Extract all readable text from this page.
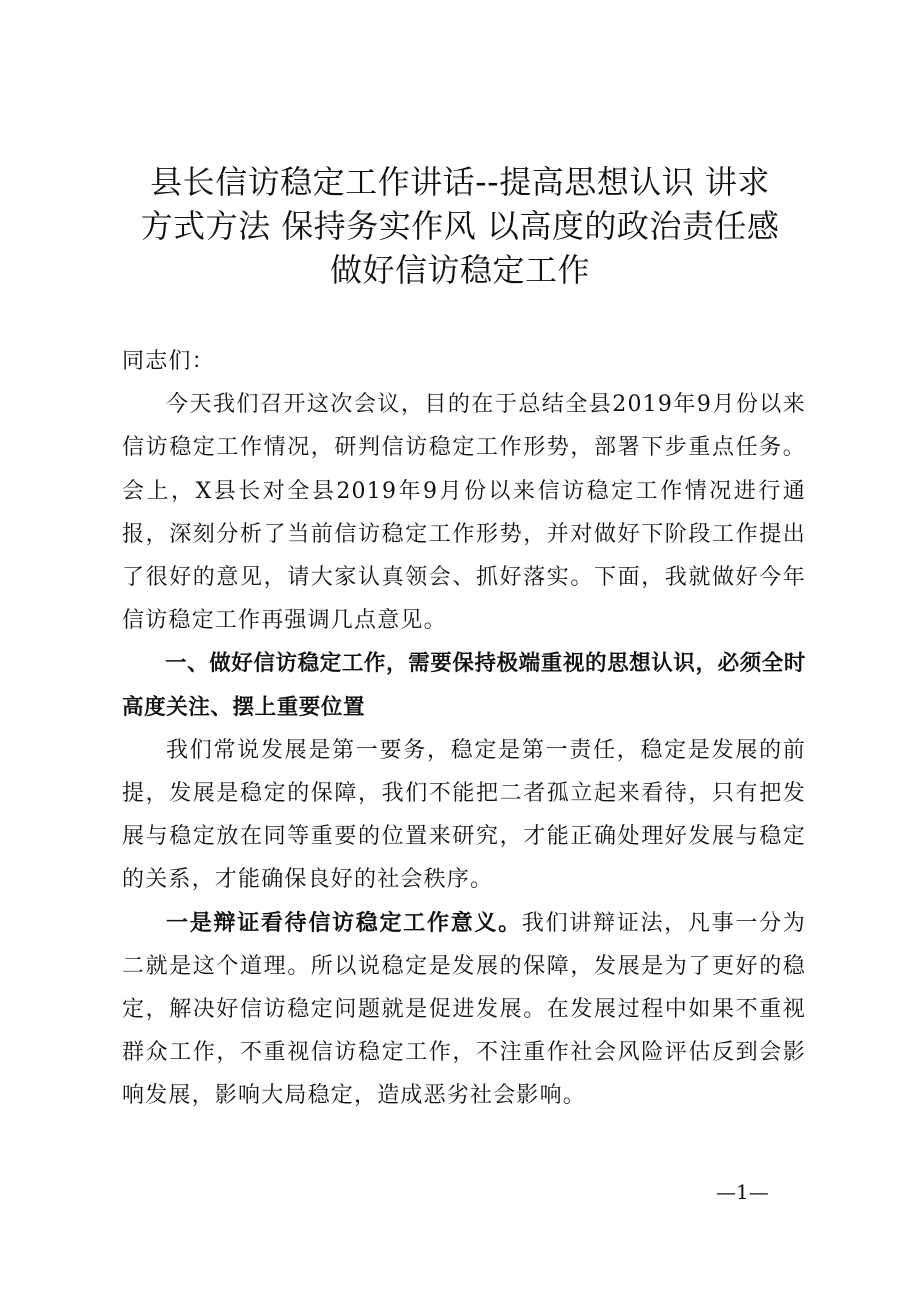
县长信访稳定工作讲话--提高思想认识 讲求
方式方法 保持务实作风 以高度的政治责任感
做好信访稳定工作

同志们：

今天我们召开这次会议，目的在于总结全县2019年9月份以来信访稳定工作情况，研判信访稳定工作形势，部署下步重点任务。会上，X县长对全县2019年9月份以来信访稳定工作情况进行通报，深刻分析了当前信访稳定工作形势，并对做好下阶段工作提出了很好的意见，请大家认真领会、抓好落实。下面，我就做好今年信访稳定工作再强调几点意见。

一、做好信访稳定工作，需要保持极端重视的思想认识，必须全时高度关注、摆上重要位置

我们常说发展是第一要务，稳定是第一责任，稳定是发展的前提，发展是稳定的保障，我们不能把二者孤立起来看待，只有把发展与稳定放在同等重要的位置来研究，才能正确处理好发展与稳定的关系，才能确保良好的社会秩序。

一是辩证看待信访稳定工作意义。我们讲辩证法，凡事一分为二就是这个道理。所以说稳定是发展的保障，发展是为了更好的稳定，解决好信访稳定问题就是促进发展。在发展过程中如果不重视群众工作，不重视信访稳定工作，不注重作社会风险评估反到会影响发展，影响大局稳定，造成恶劣社会影响。

—1—
